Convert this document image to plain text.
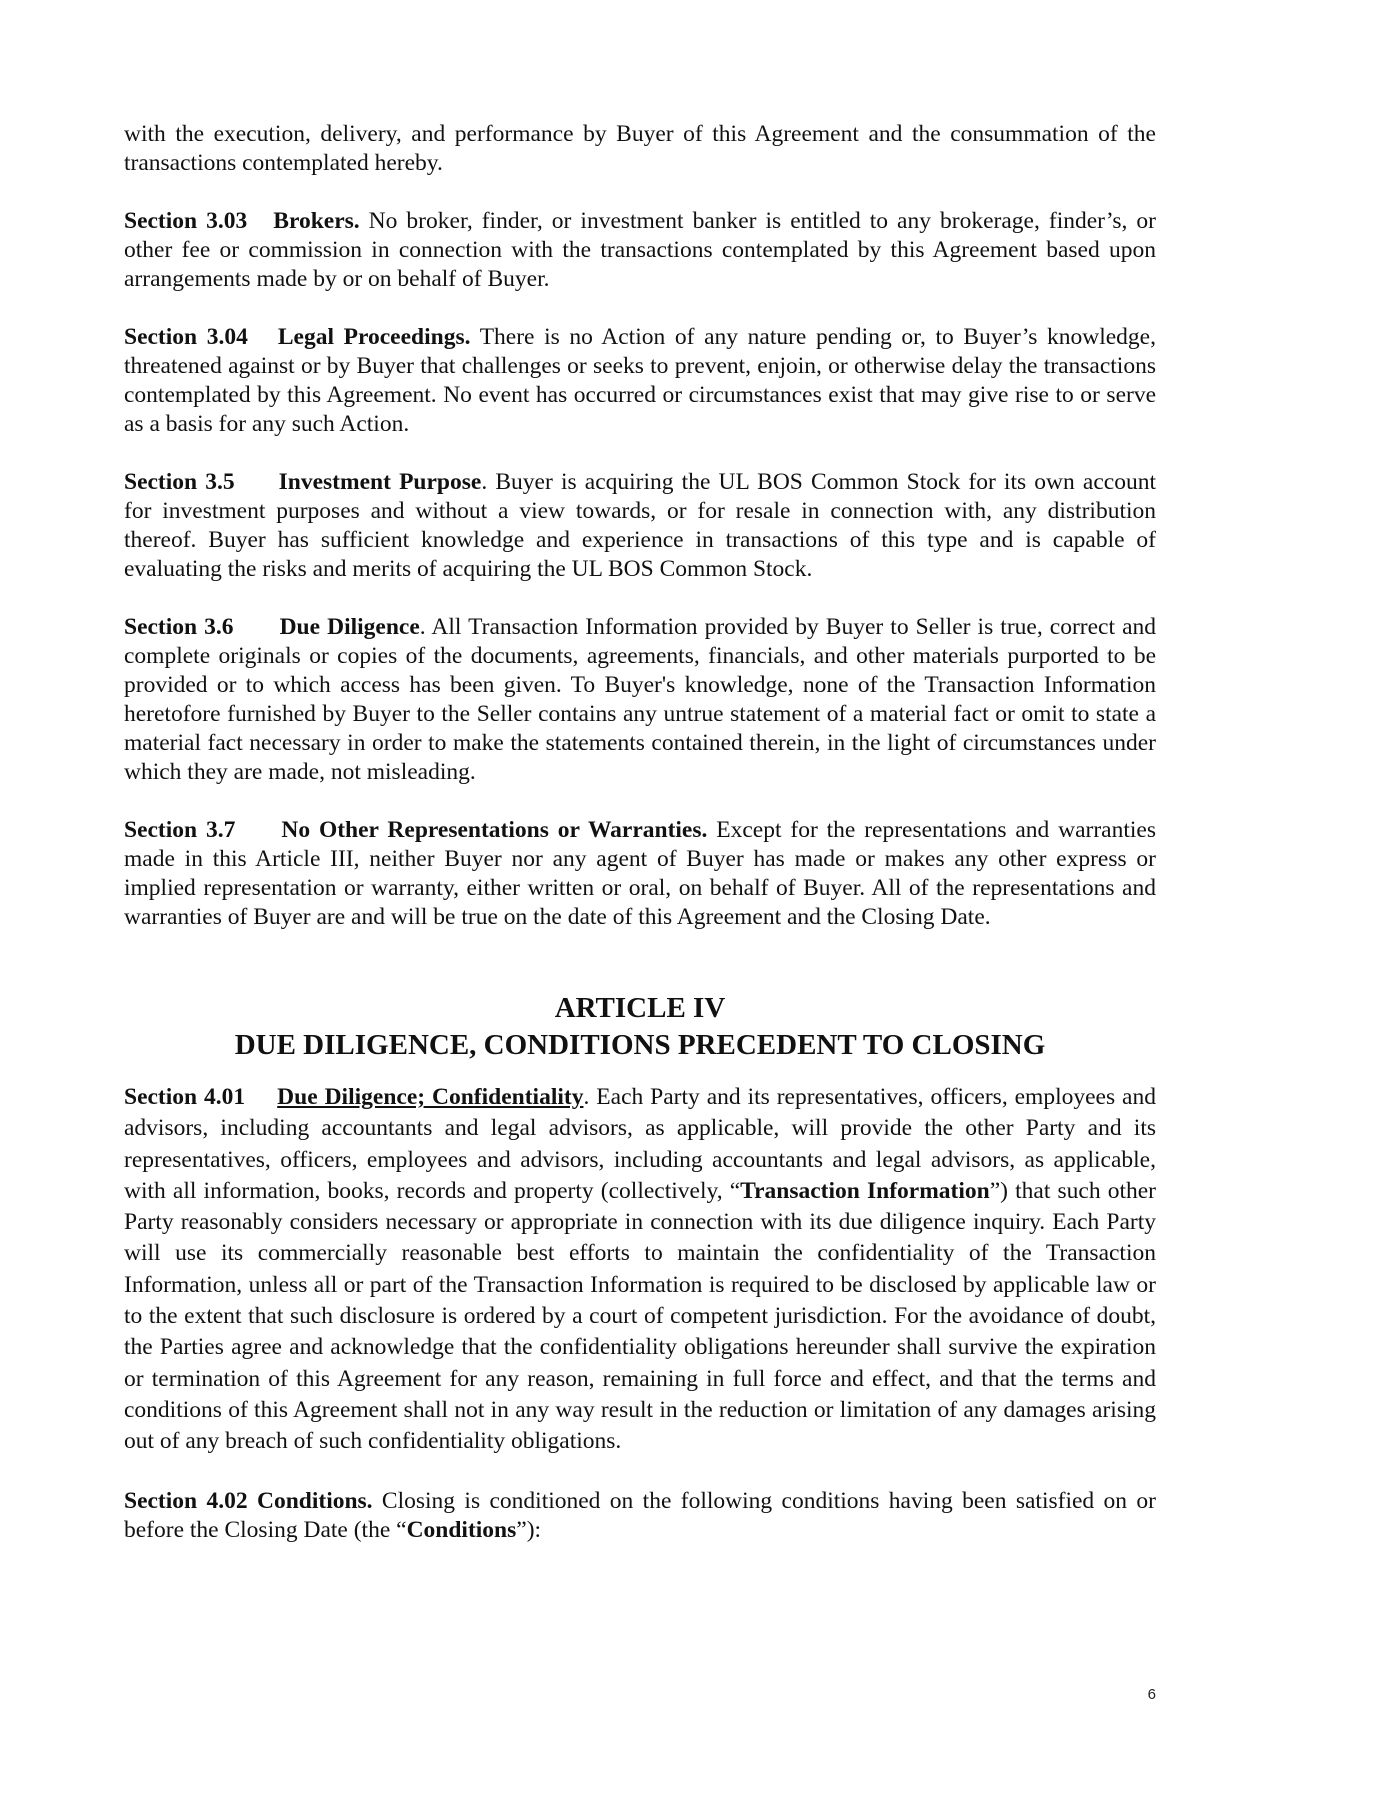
with the execution, delivery, and performance by Buyer of this Agreement and the consummation of the transactions contemplated hereby.

Section 3.03 Brokers. No broker, finder, or investment banker is entitled to any brokerage, finder’s, or other fee or commission in connection with the transactions contemplated by this Agreement based upon arrangements made by or on behalf of Buyer.

Section 3.04 Legal Proceedings. There is no Action of any nature pending or, to Buyer’s knowledge, threatened against or by Buyer that challenges or seeks to prevent, enjoin, or otherwise delay the transactions contemplated by this Agreement. No event has occurred or circumstances exist that may give rise to or serve as a basis for any such Action.

Section 3.5 Investment Purpose. Buyer is acquiring the UL BOS Common Stock for its own account for investment purposes and without a view towards, or for resale in connection with, any distribution thereof. Buyer has sufficient knowledge and experience in transactions of this type and is capable of evaluating the risks and merits of acquiring the UL BOS Common Stock.

Section 3.6 Due Diligence. All Transaction Information provided by Buyer to Seller is true, correct and complete originals or copies of the documents, agreements, financials, and other materials purported to be provided or to which access has been given. To Buyer's knowledge, none of the Transaction Information heretofore furnished by Buyer to the Seller contains any untrue statement of a material fact or omit to state a material fact necessary in order to make the statements contained therein, in the light of circumstances under which they are made, not misleading.

Section 3.7 No Other Representations or Warranties. Except for the representations and warranties made in this Article III, neither Buyer nor any agent of Buyer has made or makes any other express or implied representation or warranty, either written or oral, on behalf of Buyer. All of the representations and warranties of Buyer are and will be true on the date of this Agreement and the Closing Date.

ARTICLE IV
DUE DILIGENCE, CONDITIONS PRECEDENT TO CLOSING

Section 4.01 Due Diligence; Confidentiality. Each Party and its representatives, officers, employees and advisors, including accountants and legal advisors, as applicable, will provide the other Party and its representatives, officers, employees and advisors, including accountants and legal advisors, as applicable, with all information, books, records and property (collectively, “Transaction Information”) that such other Party reasonably considers necessary or appropriate in connection with its due diligence inquiry. Each Party will use its commercially reasonable best efforts to maintain the confidentiality of the Transaction Information, unless all or part of the Transaction Information is required to be disclosed by applicable law or to the extent that such disclosure is ordered by a court of competent jurisdiction. For the avoidance of doubt, the Parties agree and acknowledge that the confidentiality obligations hereunder shall survive the expiration or termination of this Agreement for any reason, remaining in full force and effect, and that the terms and conditions of this Agreement shall not in any way result in the reduction or limitation of any damages arising out of any breach of such confidentiality obligations.

Section 4.02 Conditions. Closing is conditioned on the following conditions having been satisfied on or before the Closing Date (the “Conditions”):

6
